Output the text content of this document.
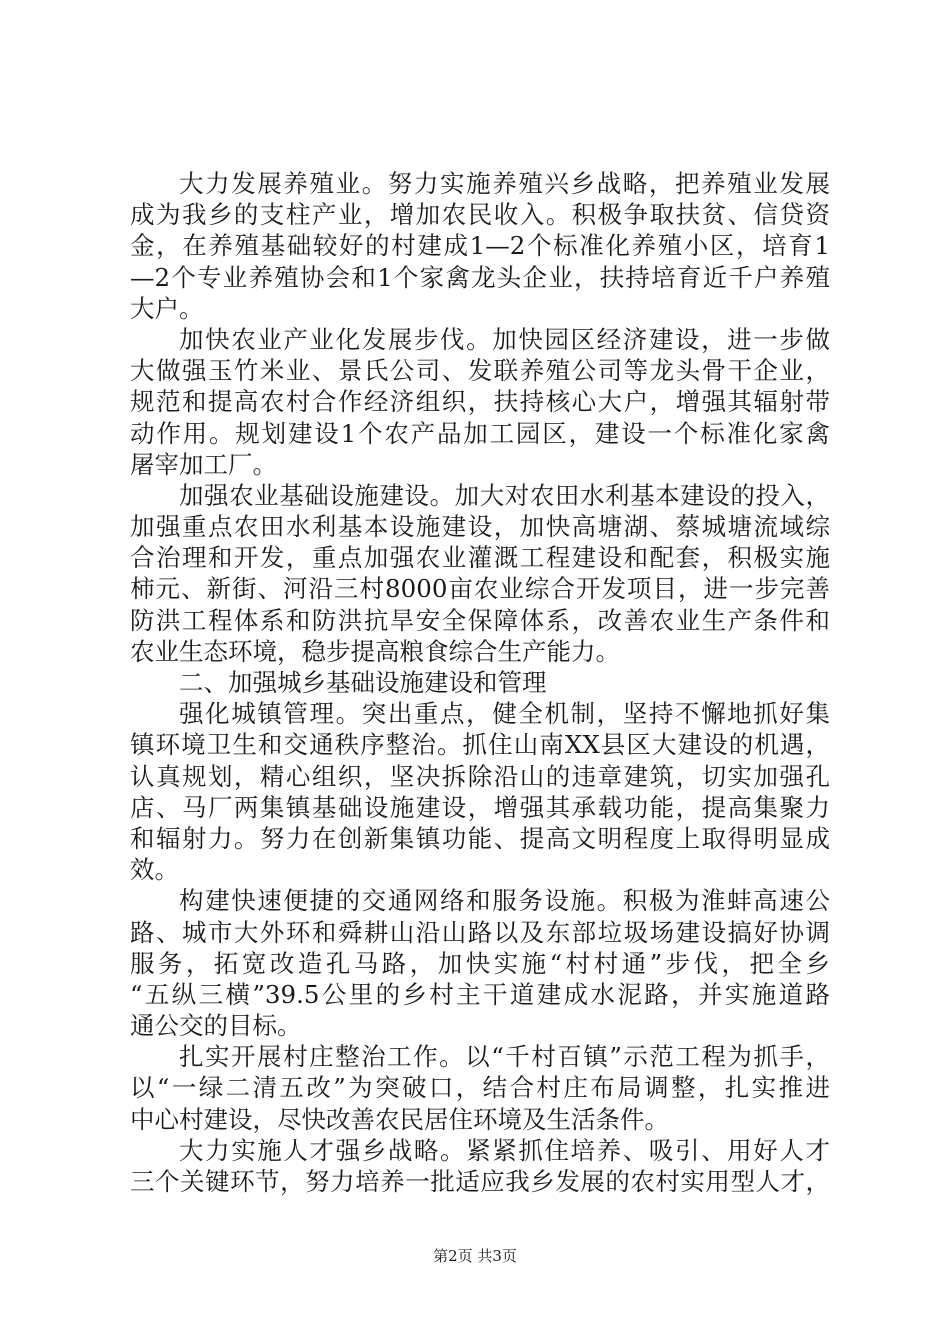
大力发展养殖业。努力实施养殖兴乡战略，把养殖业发展
成为我乡的支柱产业，增加农民收入。积极争取扶贫、信贷资
金，在养殖基础较好的村建成1—2个标准化养殖小区，培育1
—2个专业养殖协会和1个家禽龙头企业，扶持培育近千户养殖
大户。
加快农业产业化发展步伐。加快园区经济建设，进一步做
大做强玉竹米业、景氏公司、发联养殖公司等龙头骨干企业，
规范和提高农村合作经济组织，扶持核心大户，增强其辐射带
动作用。规划建设1个农产品加工园区，建设一个标准化家禽
屠宰加工厂。
加强农业基础设施建设。加大对农田水利基本建设的投入，
加强重点农田水利基本设施建设，加快高塘湖、蔡城塘流域综
合治理和开发，重点加强农业灌溉工程建设和配套，积极实施
柿元、新街、河沿三村8000亩农业综合开发项目，进一步完善
防洪工程体系和防洪抗旱安全保障体系，改善农业生产条件和
农业生态环境，稳步提高粮食综合生产能力。
二、加强城乡基础设施建设和管理
强化城镇管理。突出重点，健全机制，坚持不懈地抓好集
镇环境卫生和交通秩序整治。抓住山南XX县区大建设的机遇，
认真规划，精心组织，坚决拆除沿山的违章建筑，切实加强孔
店、马厂两集镇基础设施建设，增强其承载功能，提高集聚力
和辐射力。努力在创新集镇功能、提高文明程度上取得明显成
效。
构建快速便捷的交通网络和服务设施。积极为淮蚌高速公
路、城市大外环和舜耕山沿山路以及东部垃圾场建设搞好协调
服务，拓宽改造孔马路，加快实施“村村通”步伐，把全乡
“五纵三横”39.5公里的乡村主干道建成水泥路，并实施道路
通公交的目标。
扎实开展村庄整治工作。以“千村百镇”示范工程为抓手，
以“一绿二清五改”为突破口，结合村庄布局调整，扎实推进
中心村建设，尽快改善农民居住环境及生活条件。
大力实施人才强乡战略。紧紧抓住培养、吸引、用好人才
三个关键环节，努力培养一批适应我乡发展的农村实用型人才，
第2页 共3页
